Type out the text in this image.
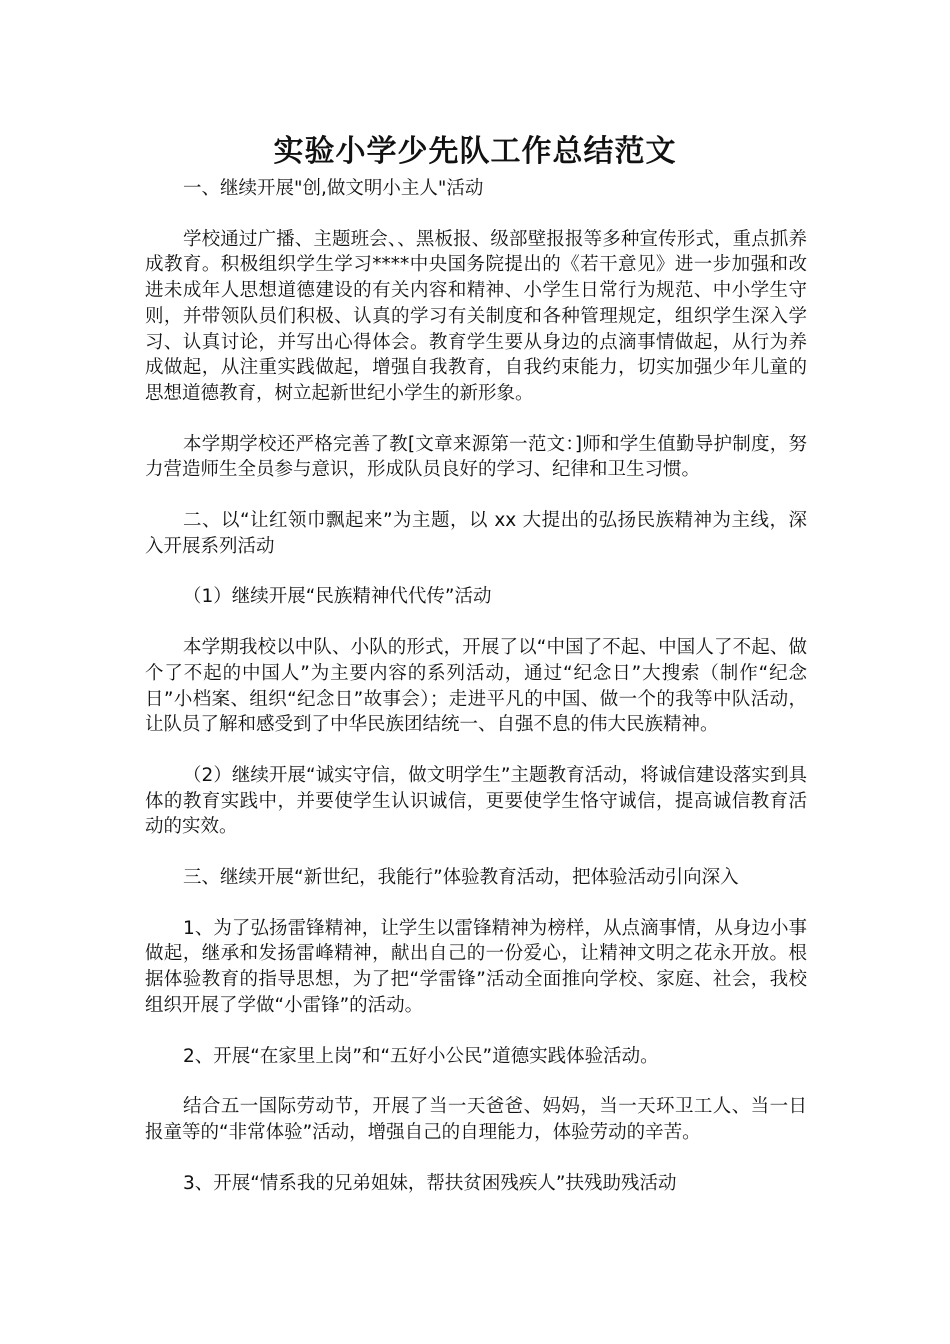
实验小学少先队工作总结范文

一、继续开展"创,做文明小主人"活动

学校通过广播、主题班会、、黑板报、级部壁报报等多种宣传形式，重点抓养成教育。积极组织学生学习****中央国务院提出的《若干意见》进一步加强和改进未成年人思想道德建设的有关内容和精神、小学生日常行为规范、中小学生守则，并带领队员们积极、认真的学习有关制度和各种管理规定，组织学生深入学习、认真讨论，并写出心得体会。教育学生要从身边的点滴事情做起，从行为养成做起，从注重实践做起，增强自我教育，自我约束能力，切实加强少年儿童的思想道德教育，树立起新世纪小学生的新形象。

本学期学校还严格完善了教[文章来源第一范文：]师和学生值勤导护制度，努力营造师生全员参与意识，形成队员良好的学习、纪律和卫生习惯。

二、以“让红领巾飘起来”为主题，以 xx 大提出的弘扬民族精神为主线，深入开展系列活动

（1）继续开展“民族精神代代传”活动

本学期我校以中队、小队的形式，开展了以“中国了不起、中国人了不起、做个了不起的中国人”为主要内容的系列活动，通过“纪念日”大搜索（制作“纪念日”小档案、组织“纪念日”故事会）；走进平凡的中国、做一个的我等中队活动，让队员了解和感受到了中华民族团结统一、自强不息的伟大民族精神。

（2）继续开展“诚实守信，做文明学生”主题教育活动，将诚信建设落实到具体的教育实践中，并要使学生认识诚信，更要使学生恪守诚信，提高诚信教育活动的实效。

三、继续开展“新世纪，我能行”体验教育活动，把体验活动引向深入

1、为了弘扬雷锋精神，让学生以雷锋精神为榜样，从点滴事情，从身边小事做起，继承和发扬雷峰精神，献出自己的一份爱心，让精神文明之花永开放。根据体验教育的指导思想，为了把“学雷锋”活动全面推向学校、家庭、社会，我校组织开展了学做“小雷锋”的活动。

2、开展“在家里上岗”和“五好小公民”道德实践体验活动。

结合五一国际劳动节，开展了当一天爸爸、妈妈，当一天环卫工人、当一日报童等的“非常体验”活动，增强自己的自理能力，体验劳动的辛苦。

3、开展“情系我的兄弟姐妹，帮扶贫困残疾人”扶残助残活动
